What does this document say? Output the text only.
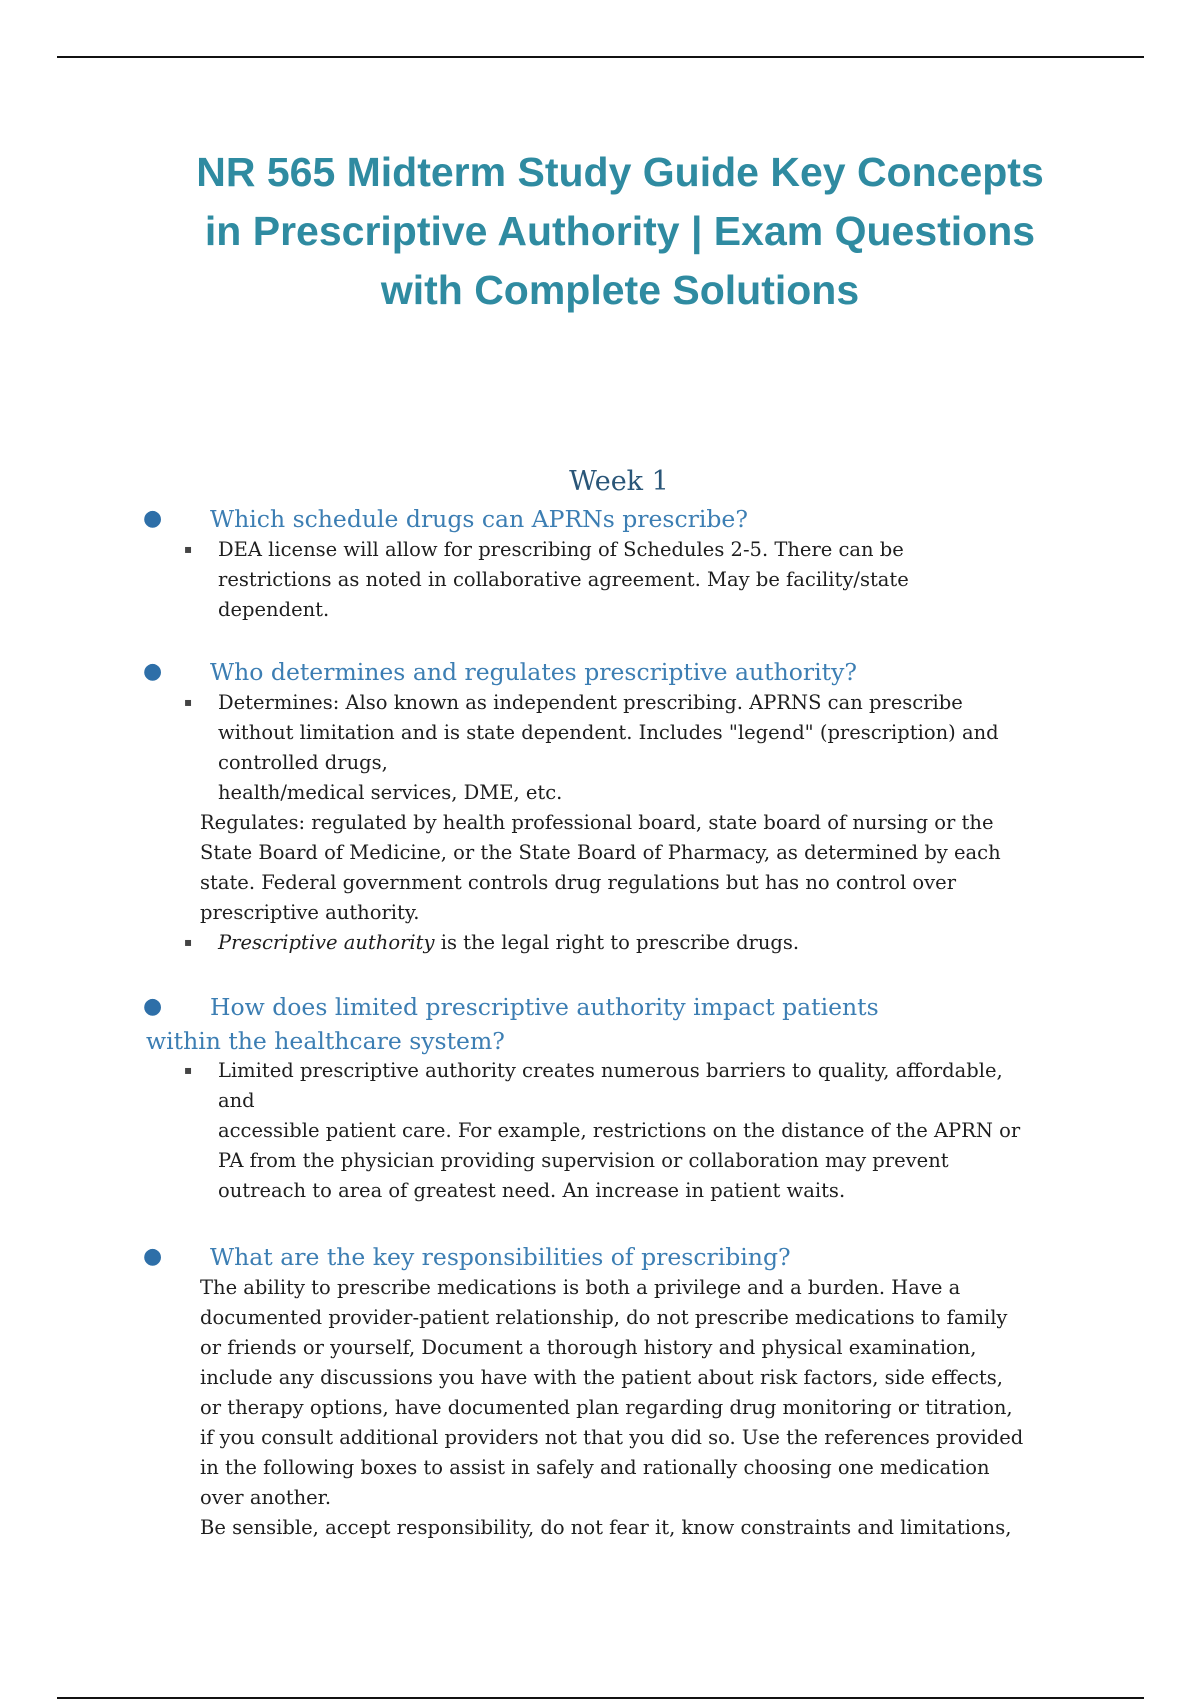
NR 565 Midterm Study Guide Key Concepts
in Prescriptive Authority | Exam Questions
with Complete Solutions
Week 1
● Which schedule drugs can APRNs prescribe?
▪ DEA license will allow for prescribing of Schedules 2-5. There can be
restrictions as noted in collaborative agreement. May be facility/state
dependent.
● Who determines and regulates prescriptive authority?
▪ Determines: Also known as independent prescribing. APRNS can prescribe
without limitation and is state dependent. Includes "legend" (prescription) and
controlled drugs,
health/medical services, DME, etc.
Regulates: regulated by health professional board, state board of nursing or the
State Board of Medicine, or the State Board of Pharmacy, as determined by each
state. Federal government controls drug regulations but has no control over
prescriptive authority.
▪ Prescriptive authority is the legal right to prescribe drugs.
● How does limited prescriptive authority impact patients
within the healthcare system?
▪ Limited prescriptive authority creates numerous barriers to quality, affordable,
and
accessible patient care. For example, restrictions on the distance of the APRN or
PA from the physician providing supervision or collaboration may prevent
outreach to area of greatest need. An increase in patient waits.
● What are the key responsibilities of prescribing?
The ability to prescribe medications is both a privilege and a burden. Have a
documented provider-patient relationship, do not prescribe medications to family
or friends or yourself, Document a thorough history and physical examination,
include any discussions you have with the patient about risk factors, side effects,
or therapy options, have documented plan regarding drug monitoring or titration,
if you consult additional providers not that you did so. Use the references provided
in the following boxes to assist in safely and rationally choosing one medication
over another.
Be sensible, accept responsibility, do not fear it, know constraints and limitations,
